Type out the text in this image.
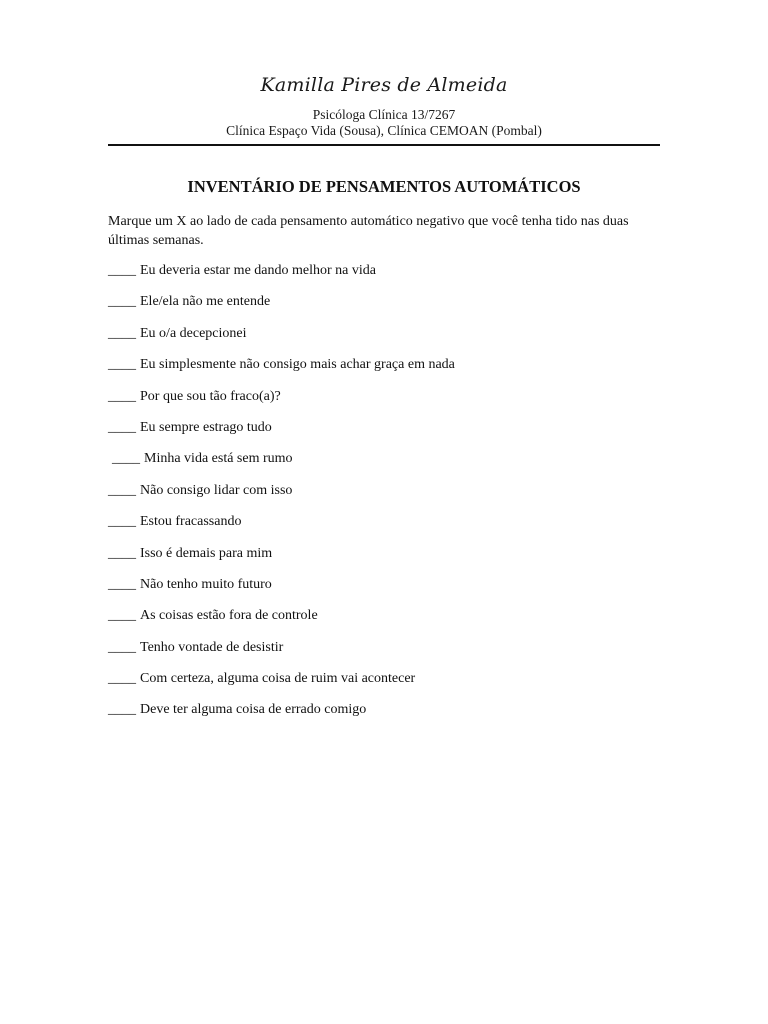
Kamilla Pires de Almeida
Psicóloga Clínica 13/7267
Clínica Espaço Vida (Sousa), Clínica CEMOAN (Pombal)
INVENTÁRIO DE PENSAMENTOS AUTOMÁTICOS
Marque um X ao lado de cada pensamento automático negativo que você tenha tido nas duas últimas semanas.
____ Eu deveria estar me dando melhor na vida
____ Ele/ela não me entende
____ Eu o/a decepcionei
____ Eu simplesmente não consigo mais achar graça em nada
____ Por que sou tão fraco(a)?
____ Eu sempre estrago tudo
____ Minha vida está sem rumo
____ Não consigo lidar com isso
____ Estou fracassando
____ Isso é demais para mim
____ Não tenho muito futuro
____ As coisas estão fora de controle
____ Tenho vontade de desistir
____ Com certeza, alguma coisa de ruim vai acontecer
____ Deve ter alguma coisa de errado comigo
